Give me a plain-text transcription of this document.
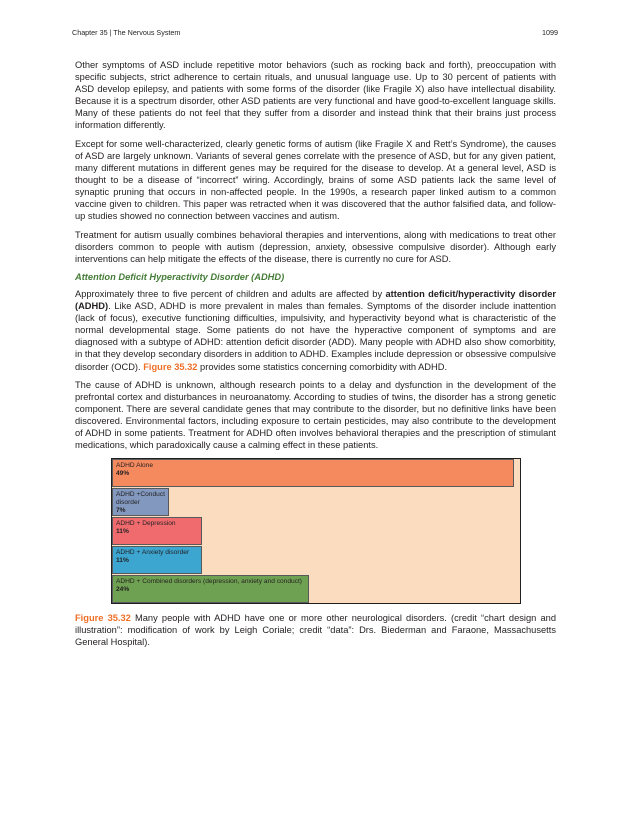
Chapter 35 | The Nervous System	1099

Other symptoms of ASD include repetitive motor behaviors (such as rocking back and forth), preoccupation with specific subjects, strict adherence to certain rituals, and unusual language use. Up to 30 percent of patients with ASD develop epilepsy, and patients with some forms of the disorder (like Fragile X) also have intellectual disability. Because it is a spectrum disorder, other ASD patients are very functional and have good-to-excellent language skills. Many of these patients do not feel that they suffer from a disorder and instead think that their brains just process information differently.

Except for some well-characterized, clearly genetic forms of autism (like Fragile X and Rett’s Syndrome), the causes of ASD are largely unknown. Variants of several genes correlate with the presence of ASD, but for any given patient, many different mutations in different genes may be required for the disease to develop. At a general level, ASD is thought to be a disease of “incorrect” wiring. Accordingly, brains of some ASD patients lack the same level of synaptic pruning that occurs in non-affected people. In the 1990s, a research paper linked autism to a common vaccine given to children. This paper was retracted when it was discovered that the author falsified data, and follow-up studies showed no connection between vaccines and autism.

Treatment for autism usually combines behavioral therapies and interventions, along with medications to treat other disorders common to people with autism (depression, anxiety, obsessive compulsive disorder). Although early interventions can help mitigate the effects of the disease, there is currently no cure for ASD.

Attention Deficit Hyperactivity Disorder (ADHD)

Approximately three to five percent of children and adults are affected by attention deficit/hyperactivity disorder (ADHD). Like ASD, ADHD is more prevalent in males than females. Symptoms of the disorder include inattention (lack of focus), executive functioning difficulties, impulsivity, and hyperactivity beyond what is characteristic of the normal developmental stage. Some patients do not have the hyperactive component of symptoms and are diagnosed with a subtype of ADHD: attention deficit disorder (ADD). Many people with ADHD also show comorbitity, in that they develop secondary disorders in addition to ADHD. Examples include depression or obsessive compulsive disorder (OCD). Figure 35.32 provides some statistics concerning comorbidity with ADHD.

The cause of ADHD is unknown, although research points to a delay and dysfunction in the development of the prefrontal cortex and disturbances in neuroanatomy. According to studies of twins, the disorder has a strong genetic component. There are several candidate genes that may contribute to the disorder, but no definitive links have been discovered. Environmental factors, including exposure to certain pesticides, may also contribute to the development of ADHD in some patients. Treatment for ADHD often involves behavioral therapies and the prescription of stimulant medications, which paradoxically cause a calming effect in these patients.

ADHD Alone
49%
ADHD +Conduct disorder
7%
ADHD + Depression
11%
ADHD + Anxiety disorder
11%
ADHD + Combined disorders (depression, anxiety and conduct)
24%
Figure 35.32 Many people with ADHD have one or more other neurological disorders. (credit “chart design and illustration”: modification of work by Leigh Coriale; credit “data”: Drs. Biederman and Faraone, Massachusetts General Hospital).
